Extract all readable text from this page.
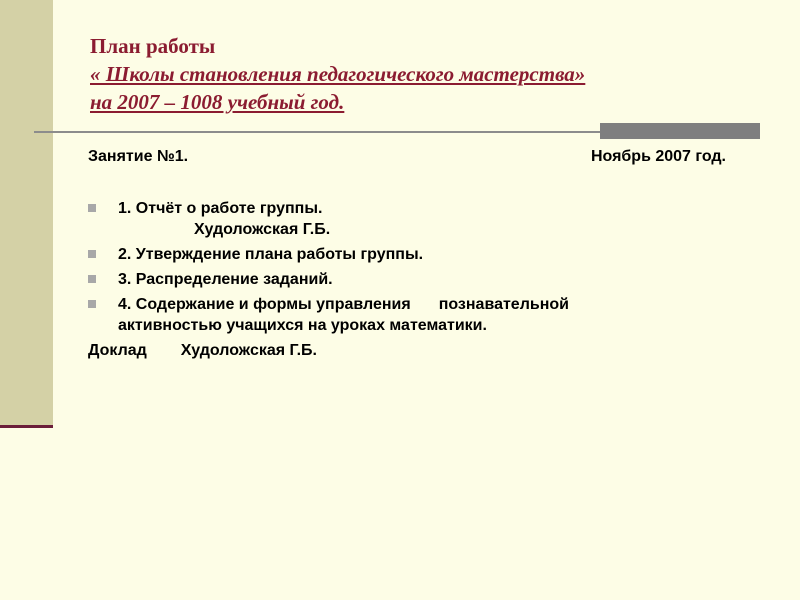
План работы
« Школы становления педагогического мастерства»
на 2007 – 1008 учебный год.
Занятие №1.	Ноябрь 2007 год.
1. Отчёт о работе группы.
Худоложская Г.Б.
2. Утверждение плана работы группы.
3. Распределение заданий.
4. Содержание и формы управления познавательной
активностью учащихся на уроках математики.
Доклад Худоложская Г.Б.
